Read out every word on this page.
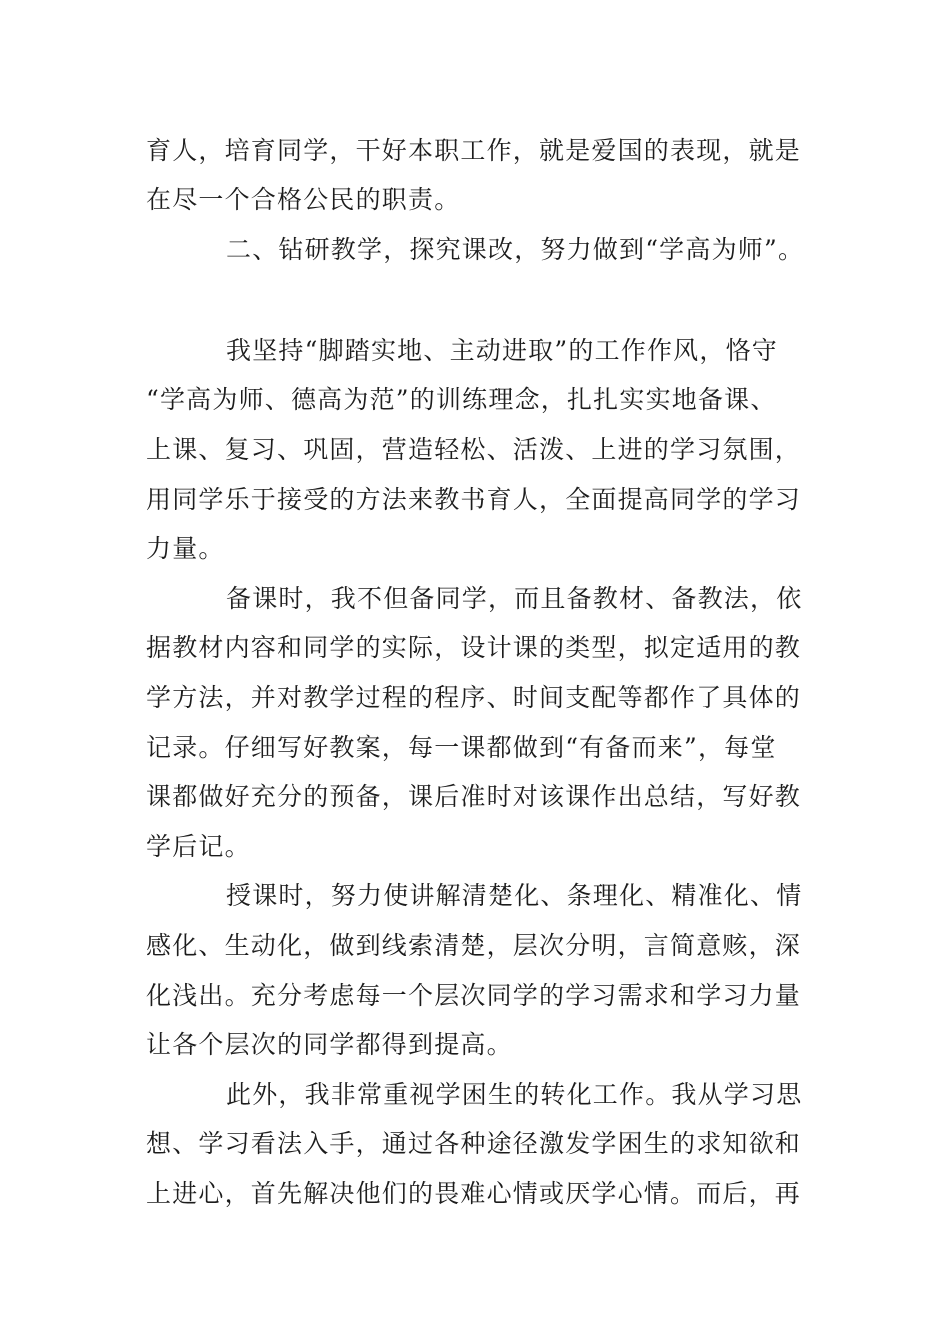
育人，培育同学，干好本职工作，就是爱国的表现，就是
在尽一个合格公民的职责。
二、钻研教学，探究课改，努力做到“学高为师”。
我坚持“脚踏实地、主动进取”的工作作风，恪守
“学高为师、德高为范”的训练理念，扎扎实实地备课、
上课、复习、巩固，营造轻松、活泼、上进的学习氛围，
用同学乐于接受的方法来教书育人，全面提高同学的学习
力量。
备课时，我不但备同学，而且备教材、备教法，依
据教材内容和同学的实际，设计课的类型，拟定适用的教
学方法，并对教学过程的程序、时间支配等都作了具体的
记录。仔细写好教案，每一课都做到“有备而来”，每堂
课都做好充分的预备，课后准时对该课作出总结，写好教
学后记。
授课时，努力使讲解清楚化、条理化、精准化、情
感化、生动化，做到线索清楚，层次分明，言简意赅，深
化浅出。充分考虑每一个层次同学的学习需求和学习力量
让各个层次的同学都得到提高。
此外，我非常重视学困生的转化工作。我从学习思
想、学习看法入手，通过各种途径激发学困生的求知欲和
上进心，首先解决他们的畏难心情或厌学心情。而后，再
